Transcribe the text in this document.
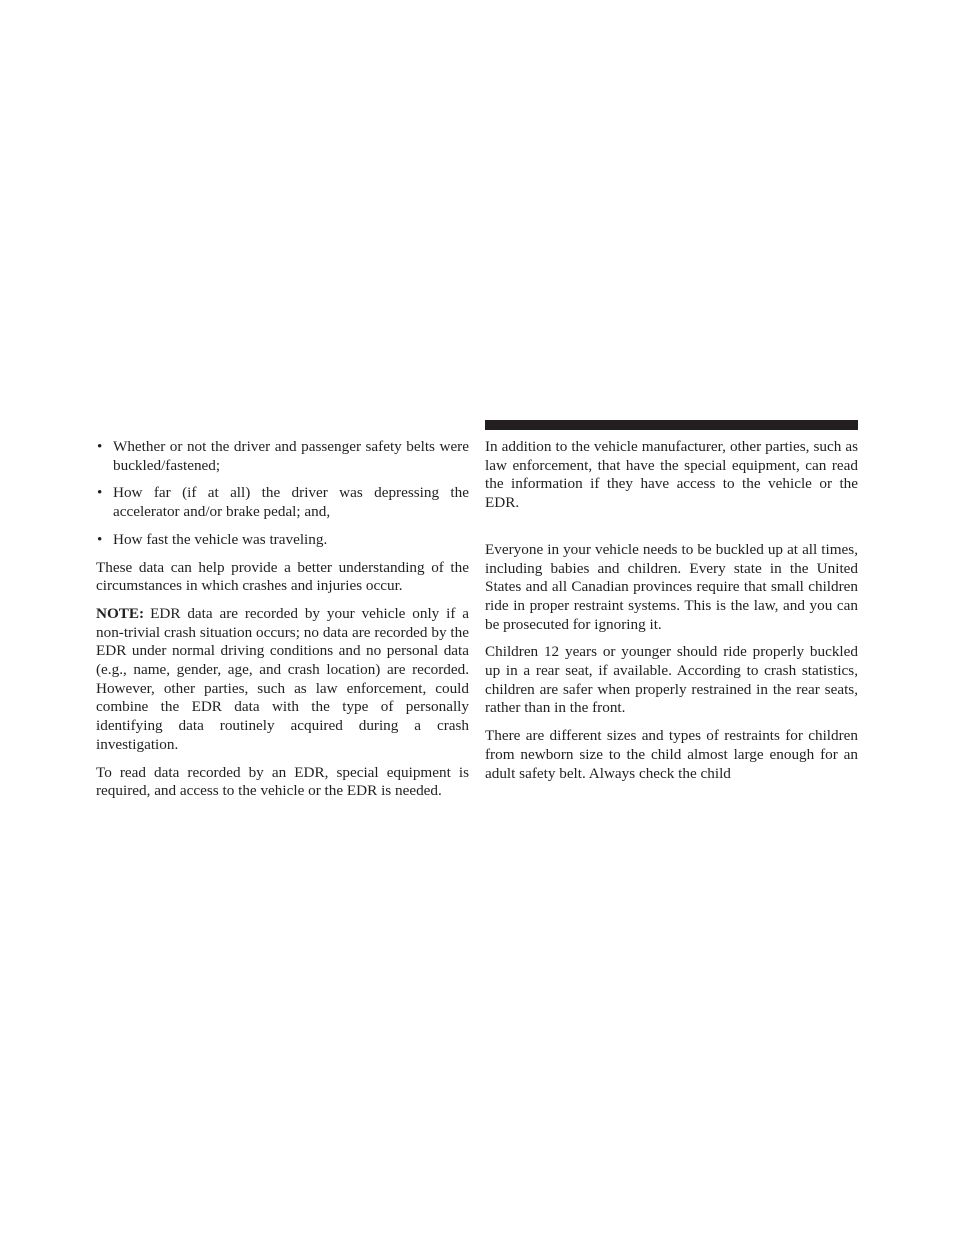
• Whether or not the driver and passenger safety belts were buckled/fastened;
• How far (if at all) the driver was depressing the accelerator and/or brake pedal; and,
• How fast the vehicle was traveling.

These data can help provide a better understanding of the circumstances in which crashes and injuries occur.

NOTE: EDR data are recorded by your vehicle only if a non-trivial crash situation occurs; no data are recorded by the EDR under normal driving conditions and no personal data (e.g., name, gender, age, and crash location) are recorded. However, other parties, such as law enforcement, could combine the EDR data with the type of personally identifying data routinely acquired during a crash investigation.

To read data recorded by an EDR, special equipment is required, and access to the vehicle or the EDR is needed.

In addition to the vehicle manufacturer, other parties, such as law enforcement, that have the special equipment, can read the information if they have access to the vehicle or the EDR.

Everyone in your vehicle needs to be buckled up at all times, including babies and children. Every state in the United States and all Canadian provinces require that small children ride in proper restraint systems. This is the law, and you can be prosecuted for ignoring it.

Children 12 years or younger should ride properly buckled up in a rear seat, if available. According to crash statistics, children are safer when properly restrained in the rear seats, rather than in the front.

There are different sizes and types of restraints for children from newborn size to the child almost large enough for an adult safety belt. Always check the child
